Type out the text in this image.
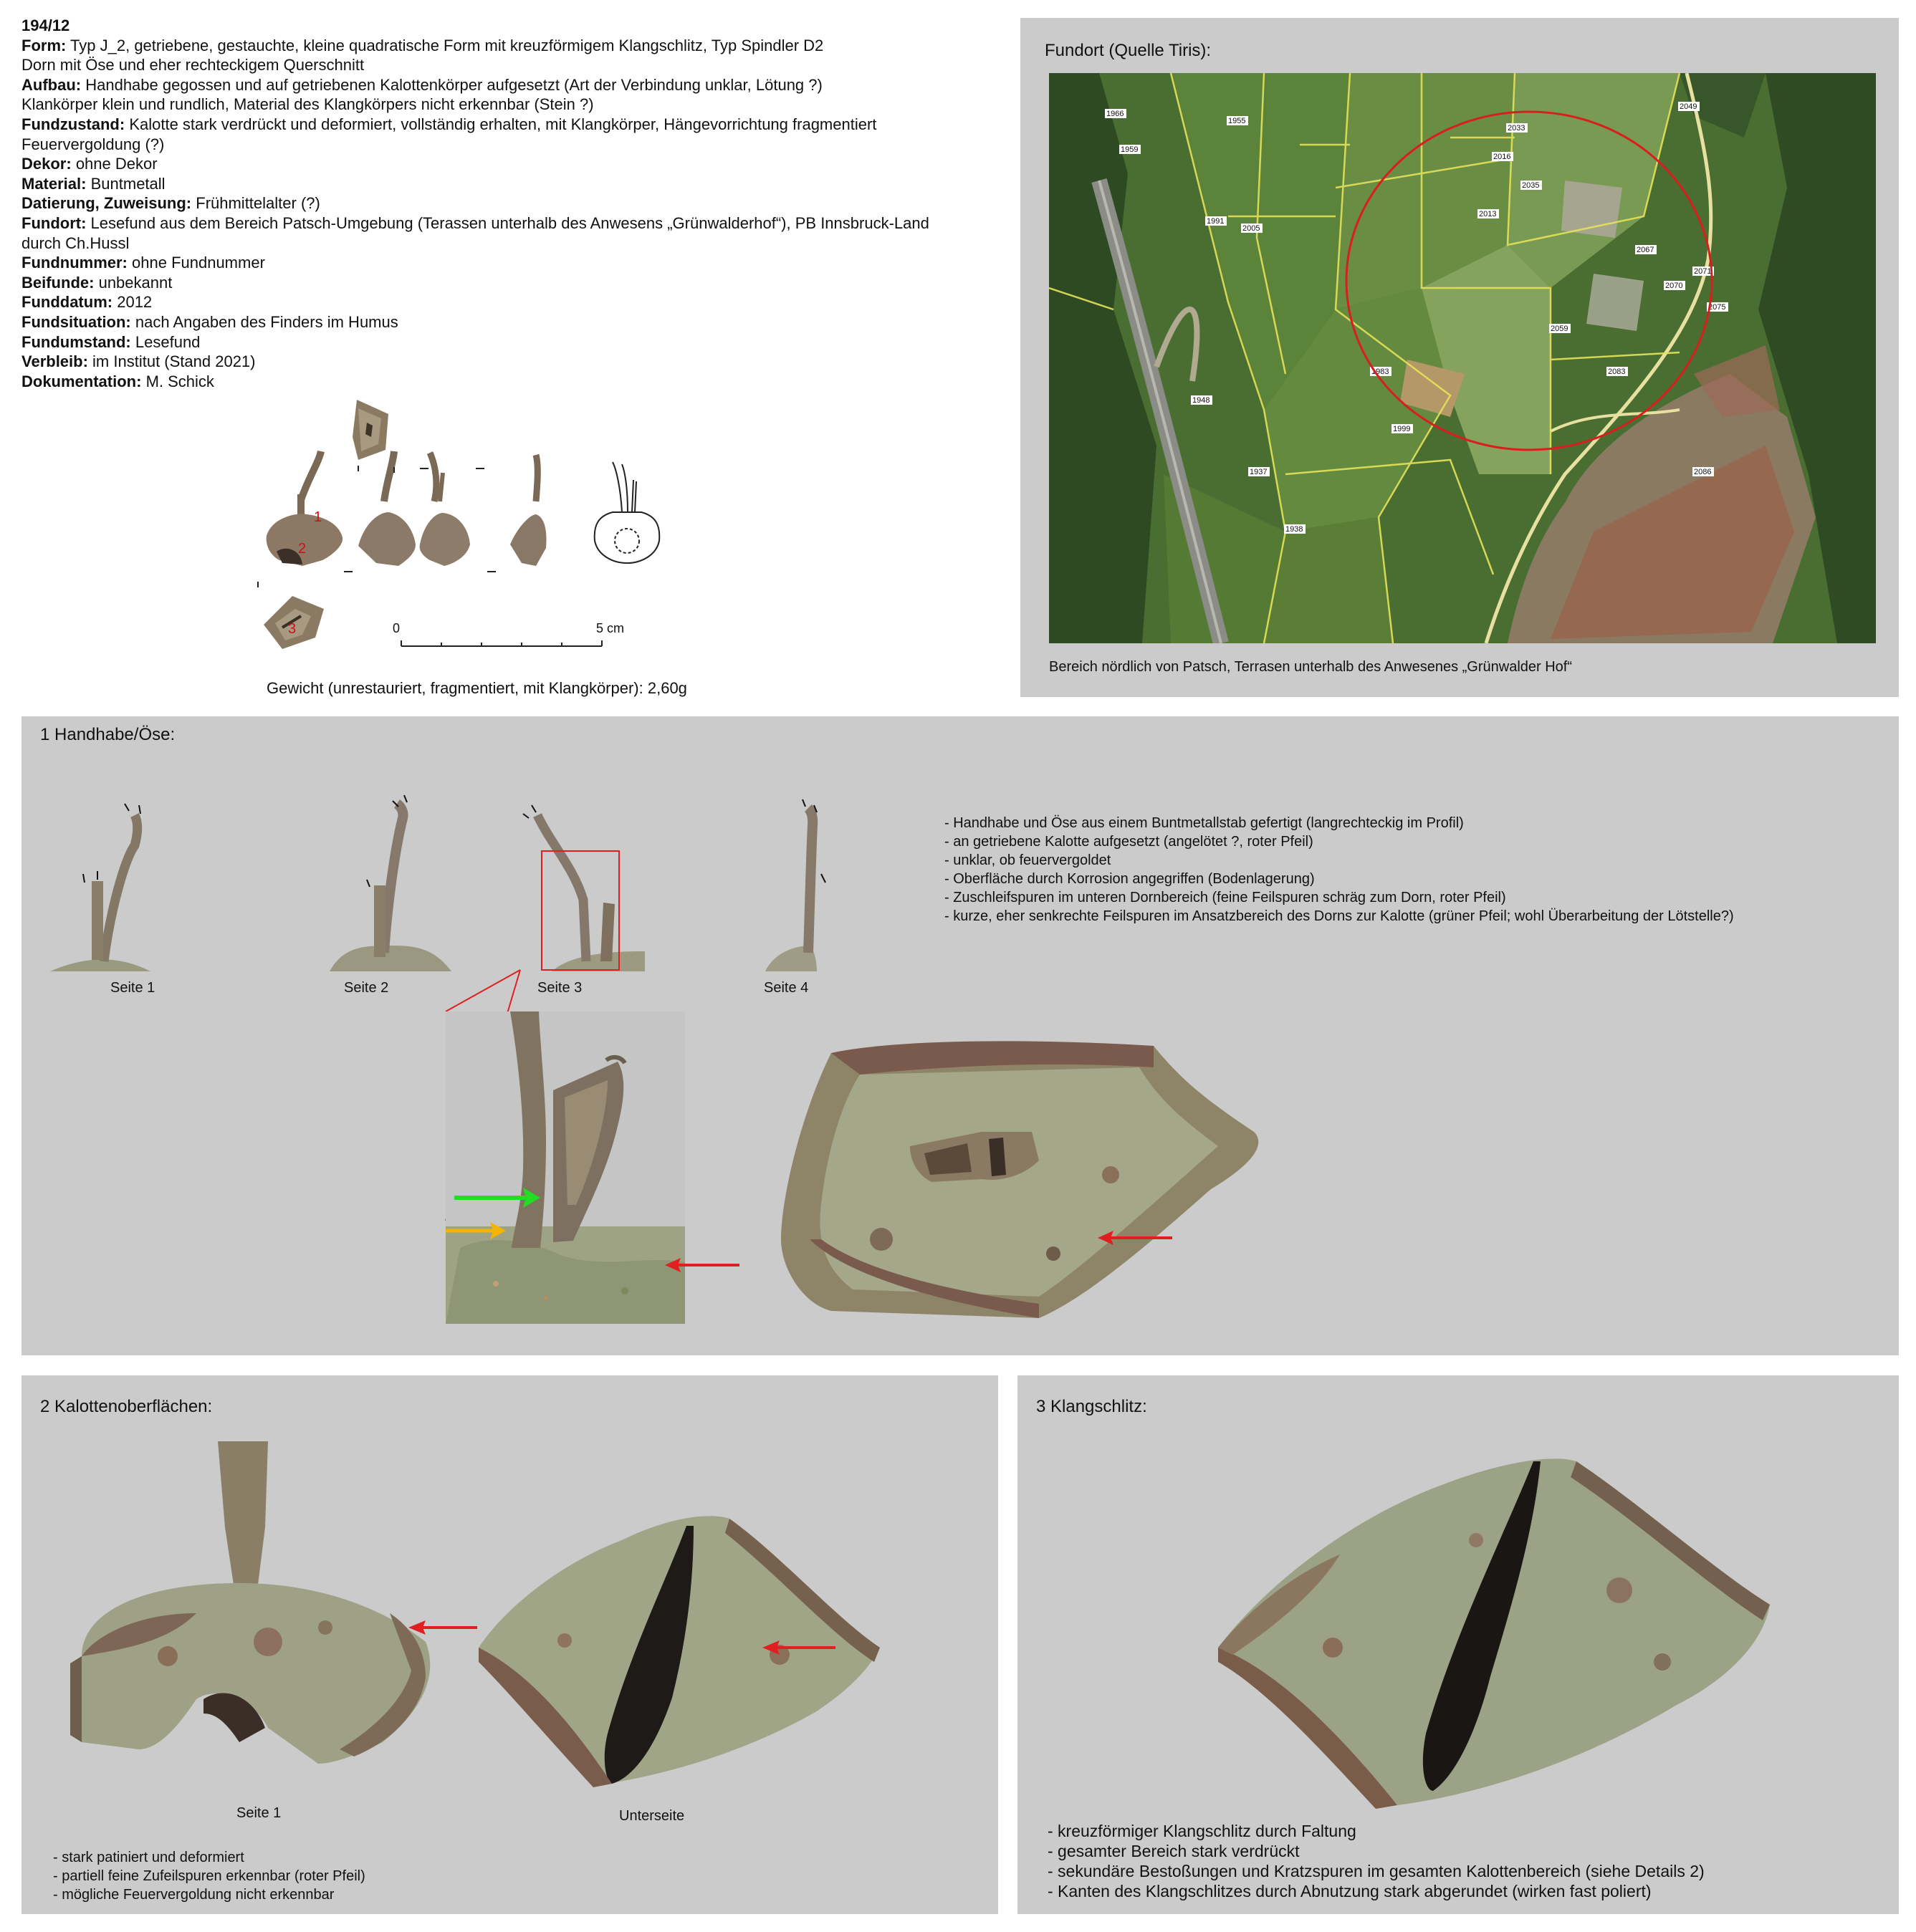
194/12
Form: Typ J_2, getriebene, gestauchte, kleine quadratische Form mit kreuzförmigem Klangschlitz, Typ Spindler D2
Dorn mit Öse und eher rechteckigem Querschnitt
Aufbau: Handhabe gegossen und auf getriebenen Kalottenkörper aufgesetzt (Art der Verbindung unklar, Lötung ?)
Klankörper klein und rundlich, Material des Klangkörpers nicht erkennbar (Stein ?)
Fundzustand: Kalotte stark verdrückt und deformiert, vollständig erhalten, mit Klangkörper, Hängevorrichtung fragmentiert
Feuervergoldung (?)
Dekor: ohne Dekor
Material: Buntmetall
Datierung, Zuweisung: Frühmittelalter (?)
Fundort: Lesefund aus dem Bereich Patsch-Umgebung (Terassen unterhalb des Anwesens „Grünwalderhof“), PB Innsbruck-Land
durch Ch.Hussl
Fundnummer: ohne Fundnummer
Beifunde: unbekannt
Funddatum: 2012
Fundsituation: nach Angaben des Finders im Humus
Fundumstand: Lesefund
Verbleib: im Institut (Stand 2021)
Dokumentation: M. Schick
1
2
3	0	5 cm
Gewicht (unrestauriert, fragmentiert, mit Klangkörper): 2,60g
Fundort (Quelle Tiris):
1966
1955
1991
2005
2016
2033
2049
2059
2067
2070
2071
2075
1948
1937
1983
1999
2013
2035
2083
1959
1938
2086
Bereich nördlich von Patsch, Terrasen unterhalb des Anwesenes „Grünwalder Hof“
1 Handhabe/Öse:
Seite 1	Seite 2	Seite 3	Seite 4
- Handhabe und Öse aus einem Buntmetallstab gefertigt (langrechteckig im Profil)
- an getriebene Kalotte aufgesetzt (angelötet ?, roter Pfeil)
- unklar, ob feuervergoldet
- Oberfläche durch Korrosion angegriffen (Bodenlagerung)
- Zuschleifspuren im unteren Dornbereich (feine Feilspuren schräg zum Dorn, roter Pfeil)
- kurze, eher senkrechte Feilspuren im Ansatzbereich des Dorns zur Kalotte (grüner Pfeil; wohl Überarbeitung der Lötstelle?)
2 Kalottenoberflächen:
Seite 1	Unterseite
- stark patiniert und deformiert
- partiell feine Zufeilspuren erkennbar (roter Pfeil)
- mögliche Feuervergoldung nicht erkennbar
3 Klangschlitz:
- kreuzförmiger Klangschlitz durch Faltung
- gesamter Bereich stark verdrückt
- sekundäre Bestoßungen und Kratzspuren im gesamten Kalottenbereich (siehe Details 2)
- Kanten des Klangschlitzes durch Abnutzung stark abgerundet (wirken fast poliert)
